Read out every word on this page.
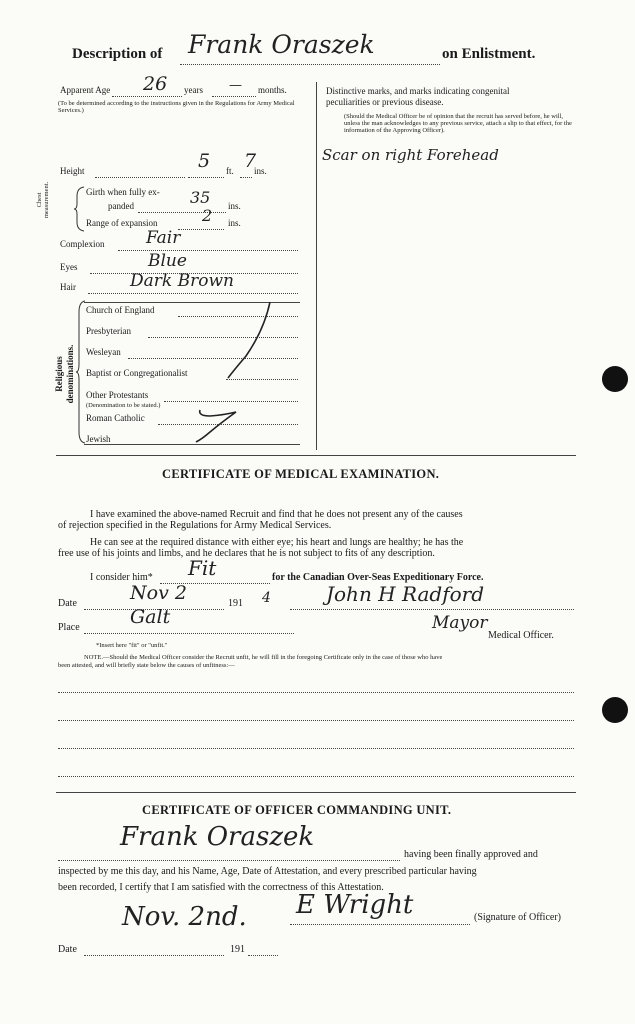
Description of Frank Oraszek	on Enlistment.
Apparent Age 26 years — months.
(To be determined according to the instructions given in the Regulations for Army Medical Services.)
Height	5 ft. 7
ins.
Chest measurement.	Girth when fully ex-
panded	35 ins.
Range of expansion	2 ins.
Complexion Fair
Eyes	Blue
Hair	Dark Brown
Religious denominations.
Church of England
Presbyterian
Wesleyan
Baptist or Congregationalist
Other Protestants
(Denomination to be stated.)
Roman Catholic
Jewish
Distinctive marks, and marks indicating congenital
peculiarities or previous disease.
(Should the Medical Officer be of opinion that the recruit has served before, he will, unless the man acknowledges to any previous service, attach a slip to that effect, for the information of the Approving Officer).
Scar on right Forehead
CERTIFICATE OF MEDICAL EXAMINATION.
I have examined the above-named Recruit and find that he does not present any of the causes
of rejection specified in the Regulations for Army Medical Services.
He can see at the required distance with either eye; his heart and lungs are healthy; he has the
free use of his joints and limbs, and he declares that he is not subject to fits of any description.
I consider him* Fit	for the Canadian Over-Seas Expeditionary Force.
Date	Nov 2	191 4	John H Radford
Place	Galt	Mayor
Medical Officer.
*Insert here "fit" or "unfit."
NOTE.—Should the Medical Officer consider the Recruit unfit, he will fill in the foregoing Certificate only in the case of those who have
been attested, and will briefly state below the causes of unfitness:—
CERTIFICATE OF OFFICER COMMANDING UNIT.
Frank Oraszek
having been finally approved and
inspected by me this day, and his Name, Age, Date of Attestation, and every prescribed particular having
been recorded, I certify that I am satisfied with the correctness of this Attestation.
Nov. 2nd. E Wright	(Signature of Officer)
Date	191
